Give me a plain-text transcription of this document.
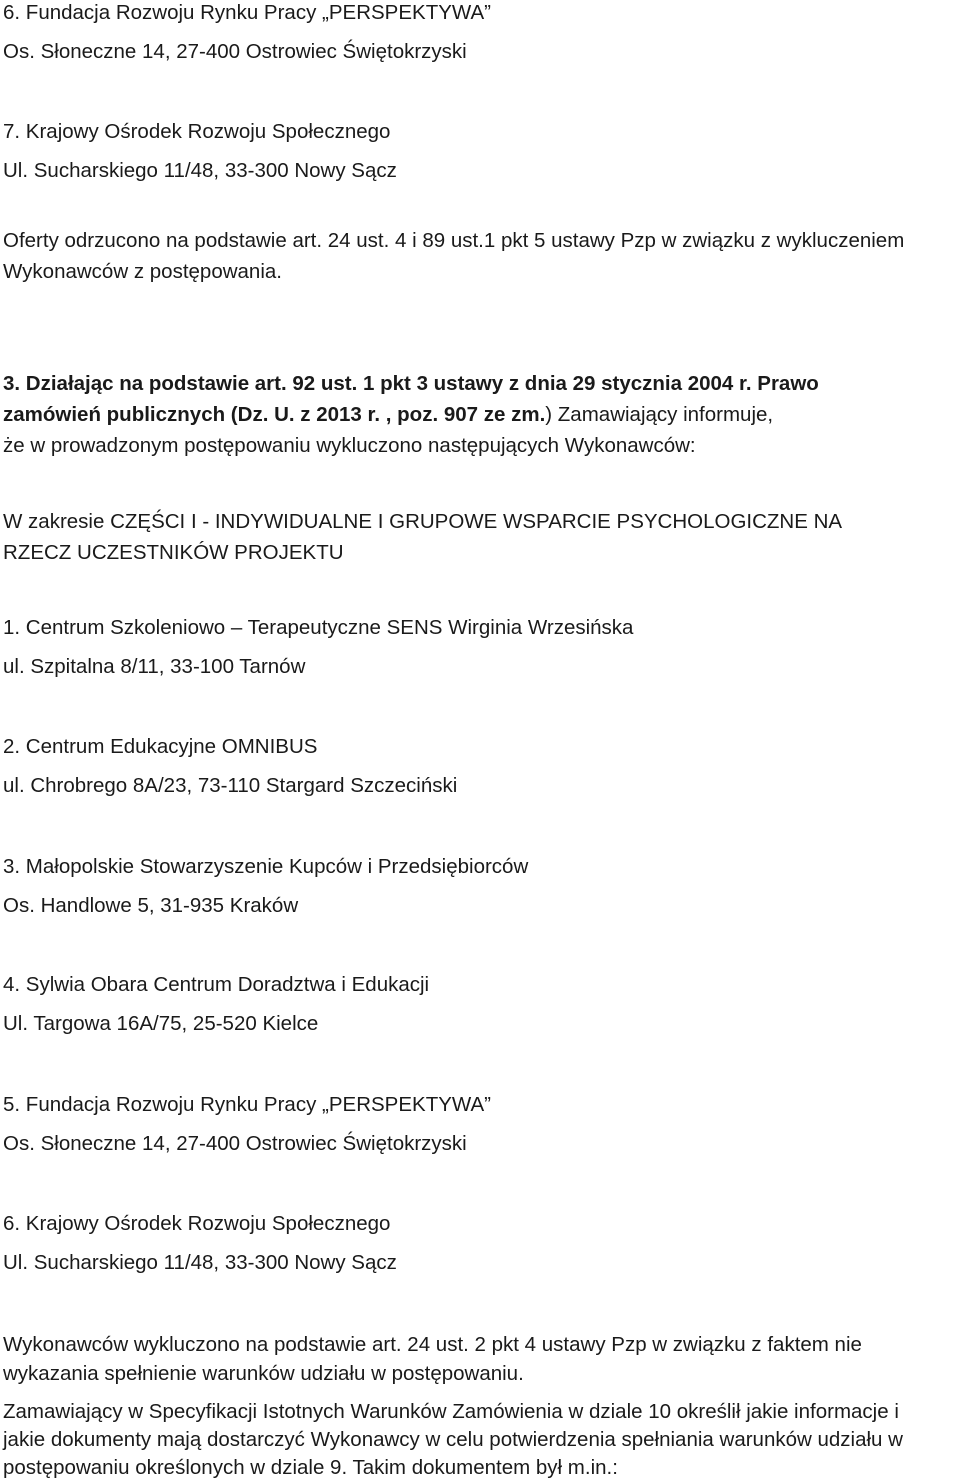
6. Fundacja Rozwoju Rynku Pracy „PERSPEKTYWA”
Os. Słoneczne 14, 27-400 Ostrowiec Świętokrzyski
7. Krajowy Ośrodek Rozwoju Społecznego
Ul. Sucharskiego 11/48, 33-300 Nowy Sącz
Oferty odrzucono na podstawie art. 24 ust. 4 i 89 ust.1 pkt 5 ustawy Pzp w związku z wykluczeniem
Wykonawców z postępowania.
3. Działając na podstawie art. 92 ust. 1 pkt 3 ustawy z dnia 29 stycznia 2004 r. Prawo
zamówień publicznych (Dz. U. z 2013 r. , poz. 907 ze zm.) Zamawiający informuje,
że w prowadzonym postępowaniu wykluczono następujących Wykonawców:
W zakresie CZĘŚCI I - INDYWIDUALNE I GRUPOWE WSPARCIE PSYCHOLOGICZNE NA
RZECZ UCZESTNIKÓW PROJEKTU
1. Centrum Szkoleniowo – Terapeutyczne SENS Wirginia Wrzesińska
ul. Szpitalna 8/11, 33-100 Tarnów
2. Centrum Edukacyjne OMNIBUS
ul. Chrobrego 8A/23, 73-110 Stargard Szczeciński
3. Małopolskie Stowarzyszenie Kupców i Przedsiębiorców
Os. Handlowe 5, 31-935 Kraków
4. Sylwia Obara Centrum Doradztwa i Edukacji
Ul. Targowa 16A/75, 25-520 Kielce
5. Fundacja Rozwoju Rynku Pracy „PERSPEKTYWA”
Os. Słoneczne 14, 27-400 Ostrowiec Świętokrzyski
6. Krajowy Ośrodek Rozwoju Społecznego
Ul. Sucharskiego 11/48, 33-300 Nowy Sącz
Wykonawców wykluczono na podstawie art. 24 ust. 2 pkt 4 ustawy Pzp w związku z faktem nie
wykazania spełnienie warunków udziału w postępowaniu.
Zamawiający w Specyfikacji Istotnych Warunków Zamówienia w dziale 10 określił jakie informacje i
jakie dokumenty mają dostarczyć Wykonawcy w celu potwierdzenia spełniania warunków udziału w
postępowaniu określonych w dziale 9. Takim dokumentem był m.in.:
